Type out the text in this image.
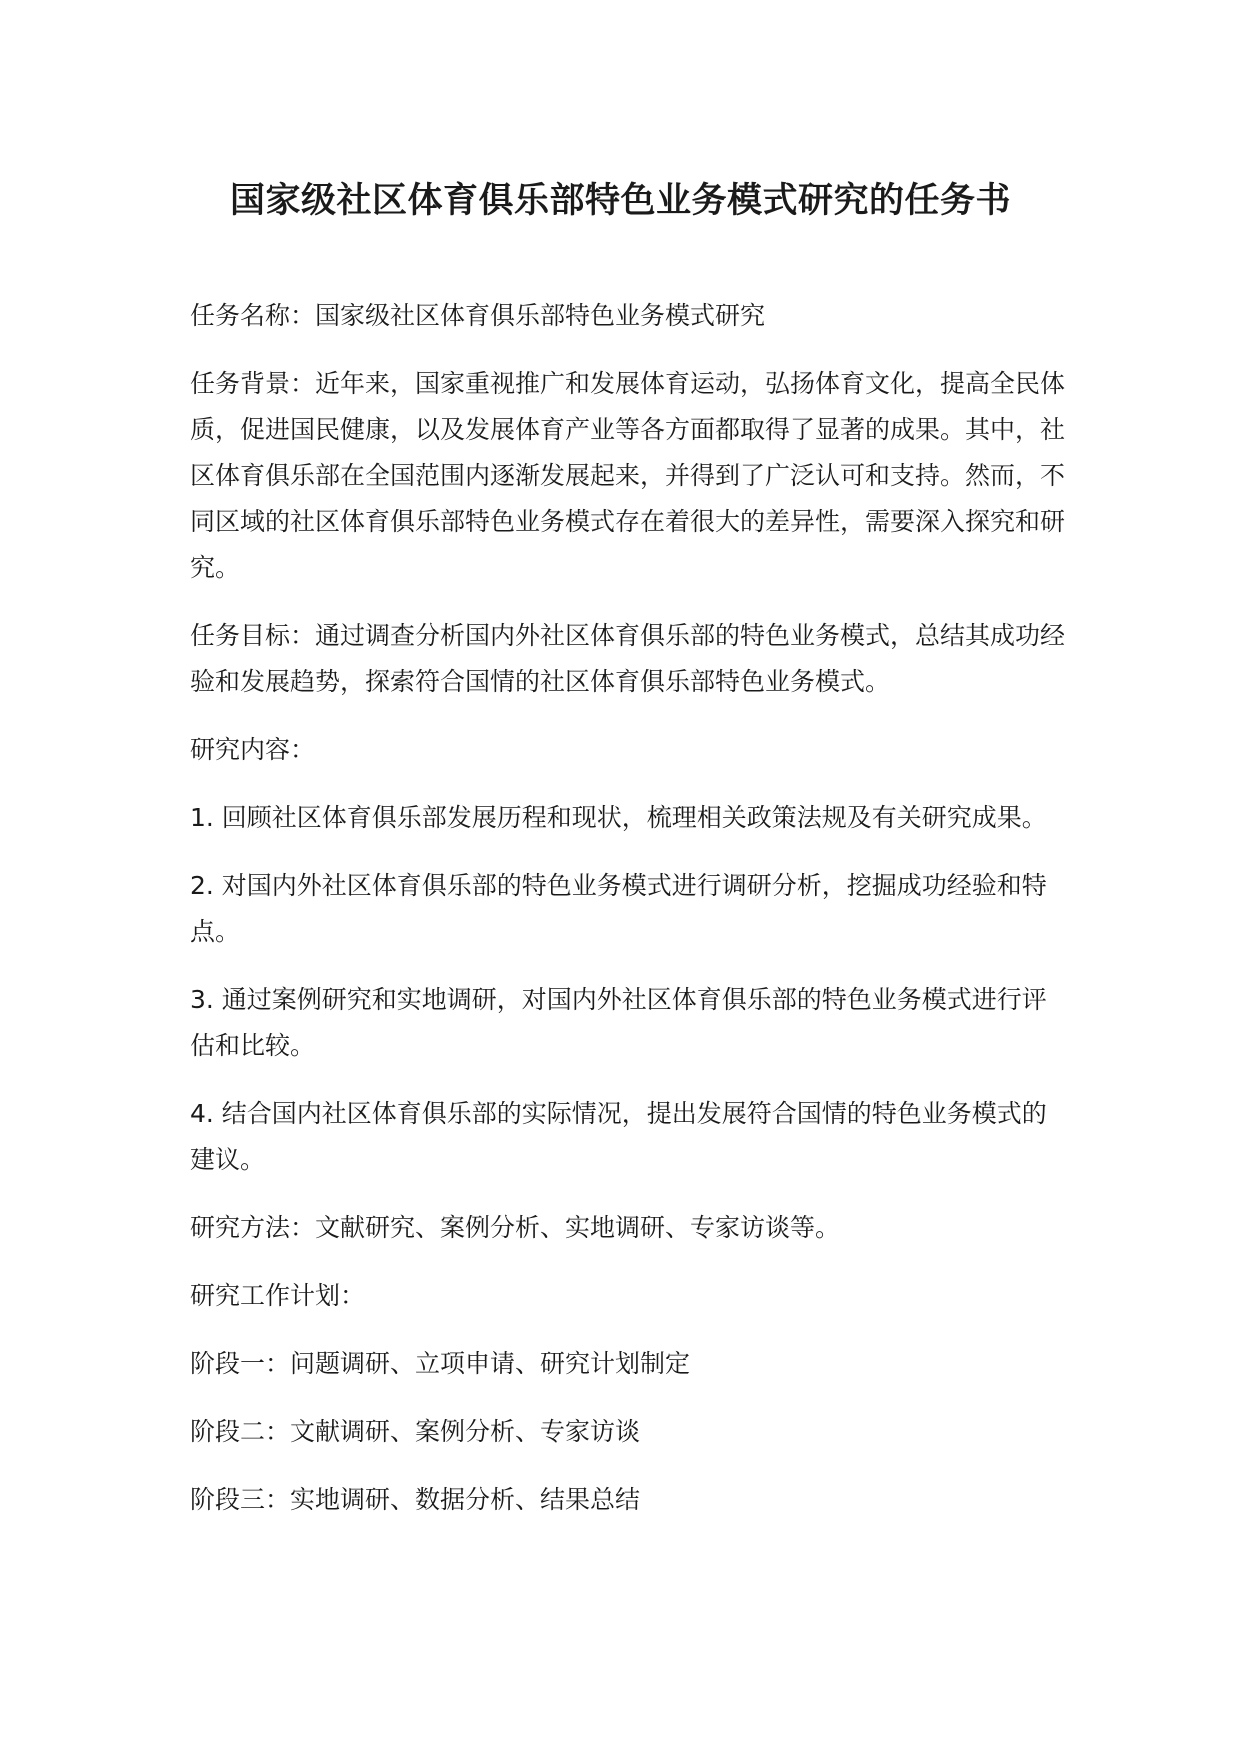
国家级社区体育俱乐部特色业务模式研究的任务书

任务名称：国家级社区体育俱乐部特色业务模式研究

任务背景：近年来，国家重视推广和发展体育运动，弘扬体育文化，提高全民体质，促进国民健康，以及发展体育产业等各方面都取得了显著的成果。其中，社区体育俱乐部在全国范围内逐渐发展起来，并得到了广泛认可和支持。然而，不同区域的社区体育俱乐部特色业务模式存在着很大的差异性，需要深入探究和研究。

任务目标：通过调查分析国内外社区体育俱乐部的特色业务模式，总结其成功经验和发展趋势，探索符合国情的社区体育俱乐部特色业务模式。

研究内容：

1. 回顾社区体育俱乐部发展历程和现状，梳理相关政策法规及有关研究成果。

2. 对国内外社区体育俱乐部的特色业务模式进行调研分析，挖掘成功经验和特点。

3. 通过案例研究和实地调研，对国内外社区体育俱乐部的特色业务模式进行评估和比较。

4. 结合国内社区体育俱乐部的实际情况，提出发展符合国情的特色业务模式的建议。

研究方法：文献研究、案例分析、实地调研、专家访谈等。

研究工作计划：

阶段一：问题调研、立项申请、研究计划制定

阶段二：文献调研、案例分析、专家访谈

阶段三：实地调研、数据分析、结果总结
